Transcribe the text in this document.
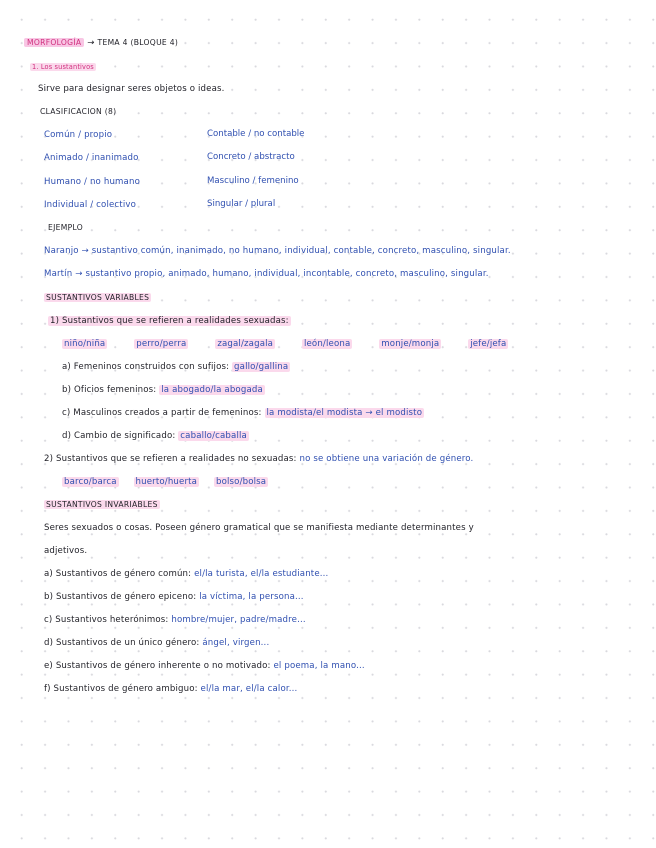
MORFOLOGÍA → TEMA 4 (BLOQUE 4)
1. Los sustantivos
Sirve para designar seres objetos o ideas.
CLASIFICACION (8)
Común / propio	Contable / no contable
Animado / inanimado	Concreto / abstracto
Humano / no humano	Masculino / femenino
Individual / colectivo	Singular / plural
EJEMPLO
Naranjo → sustantivo común, inanimado, no humano, individual, contable, concreto, masculino, singular.
Martín → sustantivo propio, animado, humano, individual, incontable, concreto, masculino, singular.
SUSTANTIVOS VARIABLES
1) Sustantivos que se refieren a realidades sexuadas:
niño/niña	perro/perra	zagal/zagala	león/leona	monje/monja	jefe/jefa
a) Femeninos construidos con sufijos: gallo/gallina
b) Oficios femeninos: la abogado/la abogada
c) Masculinos creados a partir de femeninos: la modista/el modista → el modisto
d) Cambio de significado: caballo/caballa
2) Sustantivos que se refieren a realidades no sexuadas: no se obtiene una variación de género.
barco/barca huerto/huerta bolso/bolsa
SUSTANTIVOS INVARIABLES
Seres sexuados o cosas. Poseen género gramatical que se manifiesta mediante determinantes y
adjetivos.
a) Sustantivos de género común: el/la turista, el/la estudiante...
b) Sustantivos de género epiceno: la víctima, la persona...
c) Sustantivos heterónimos: hombre/mujer, padre/madre...
d) Sustantivos de un único género: ángel, virgen...
e) Sustantivos de género inherente o no motivado: el poema, la mano...
f) Sustantivos de género ambiguo: el/la mar, el/la calor...
